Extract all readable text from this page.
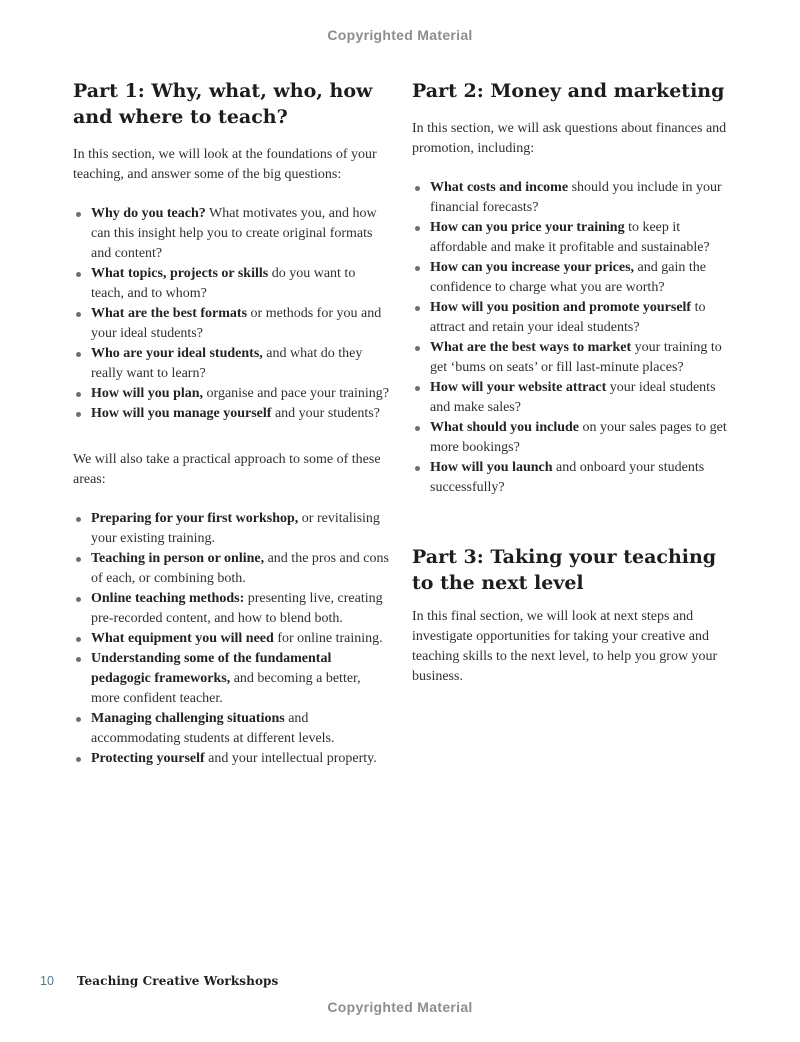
Copyrighted Material
Part 1: Why, what, who, how and where to teach?

In this section, we will look at the foundations of your teaching, and answer some of the big questions:

Why do you teach? What motivates you, and how can this insight help you to create original formats and content?
What topics, projects or skills do you want to teach, and to whom?
What are the best formats or methods for you and your ideal students?
Who are your ideal students, and what do they really want to learn?
How will you plan, organise and pace your training?
How will you manage yourself and your students?

We will also take a practical approach to some of these areas:

Preparing for your first workshop, or revitalising your existing training.
Teaching in person or online, and the pros and cons of each, or combining both.
Online teaching methods: presenting live, creating pre-recorded content, and how to blend both.
What equipment you will need for online training.
Understanding some of the fundamental pedagogic frameworks, and becoming a better, more confident teacher.
Managing challenging situations and accommodating students at different levels.
Protecting yourself and your intellectual property.
Part 2: Money and marketing

In this section, we will ask questions about finances and promotion, including:

What costs and income should you include in your financial forecasts?
How can you price your training to keep it affordable and make it profitable and sustainable?
How can you increase your prices, and gain the confidence to charge what you are worth?
How will you position and promote yourself to attract and retain your ideal students?
What are the best ways to market your training to get ‘bums on seats’ or fill last-minute places?
How will your website attract your ideal students and make sales?
What should you include on your sales pages to get more bookings?
How will you launch and onboard your students successfully?
Part 3: Taking your teaching to the next level

In this final section, we will look at next steps and investigate opportunities for taking your creative and teaching skills to the next level, to help you grow your business.

10 Teaching Creative Workshops
Copyrighted Material
